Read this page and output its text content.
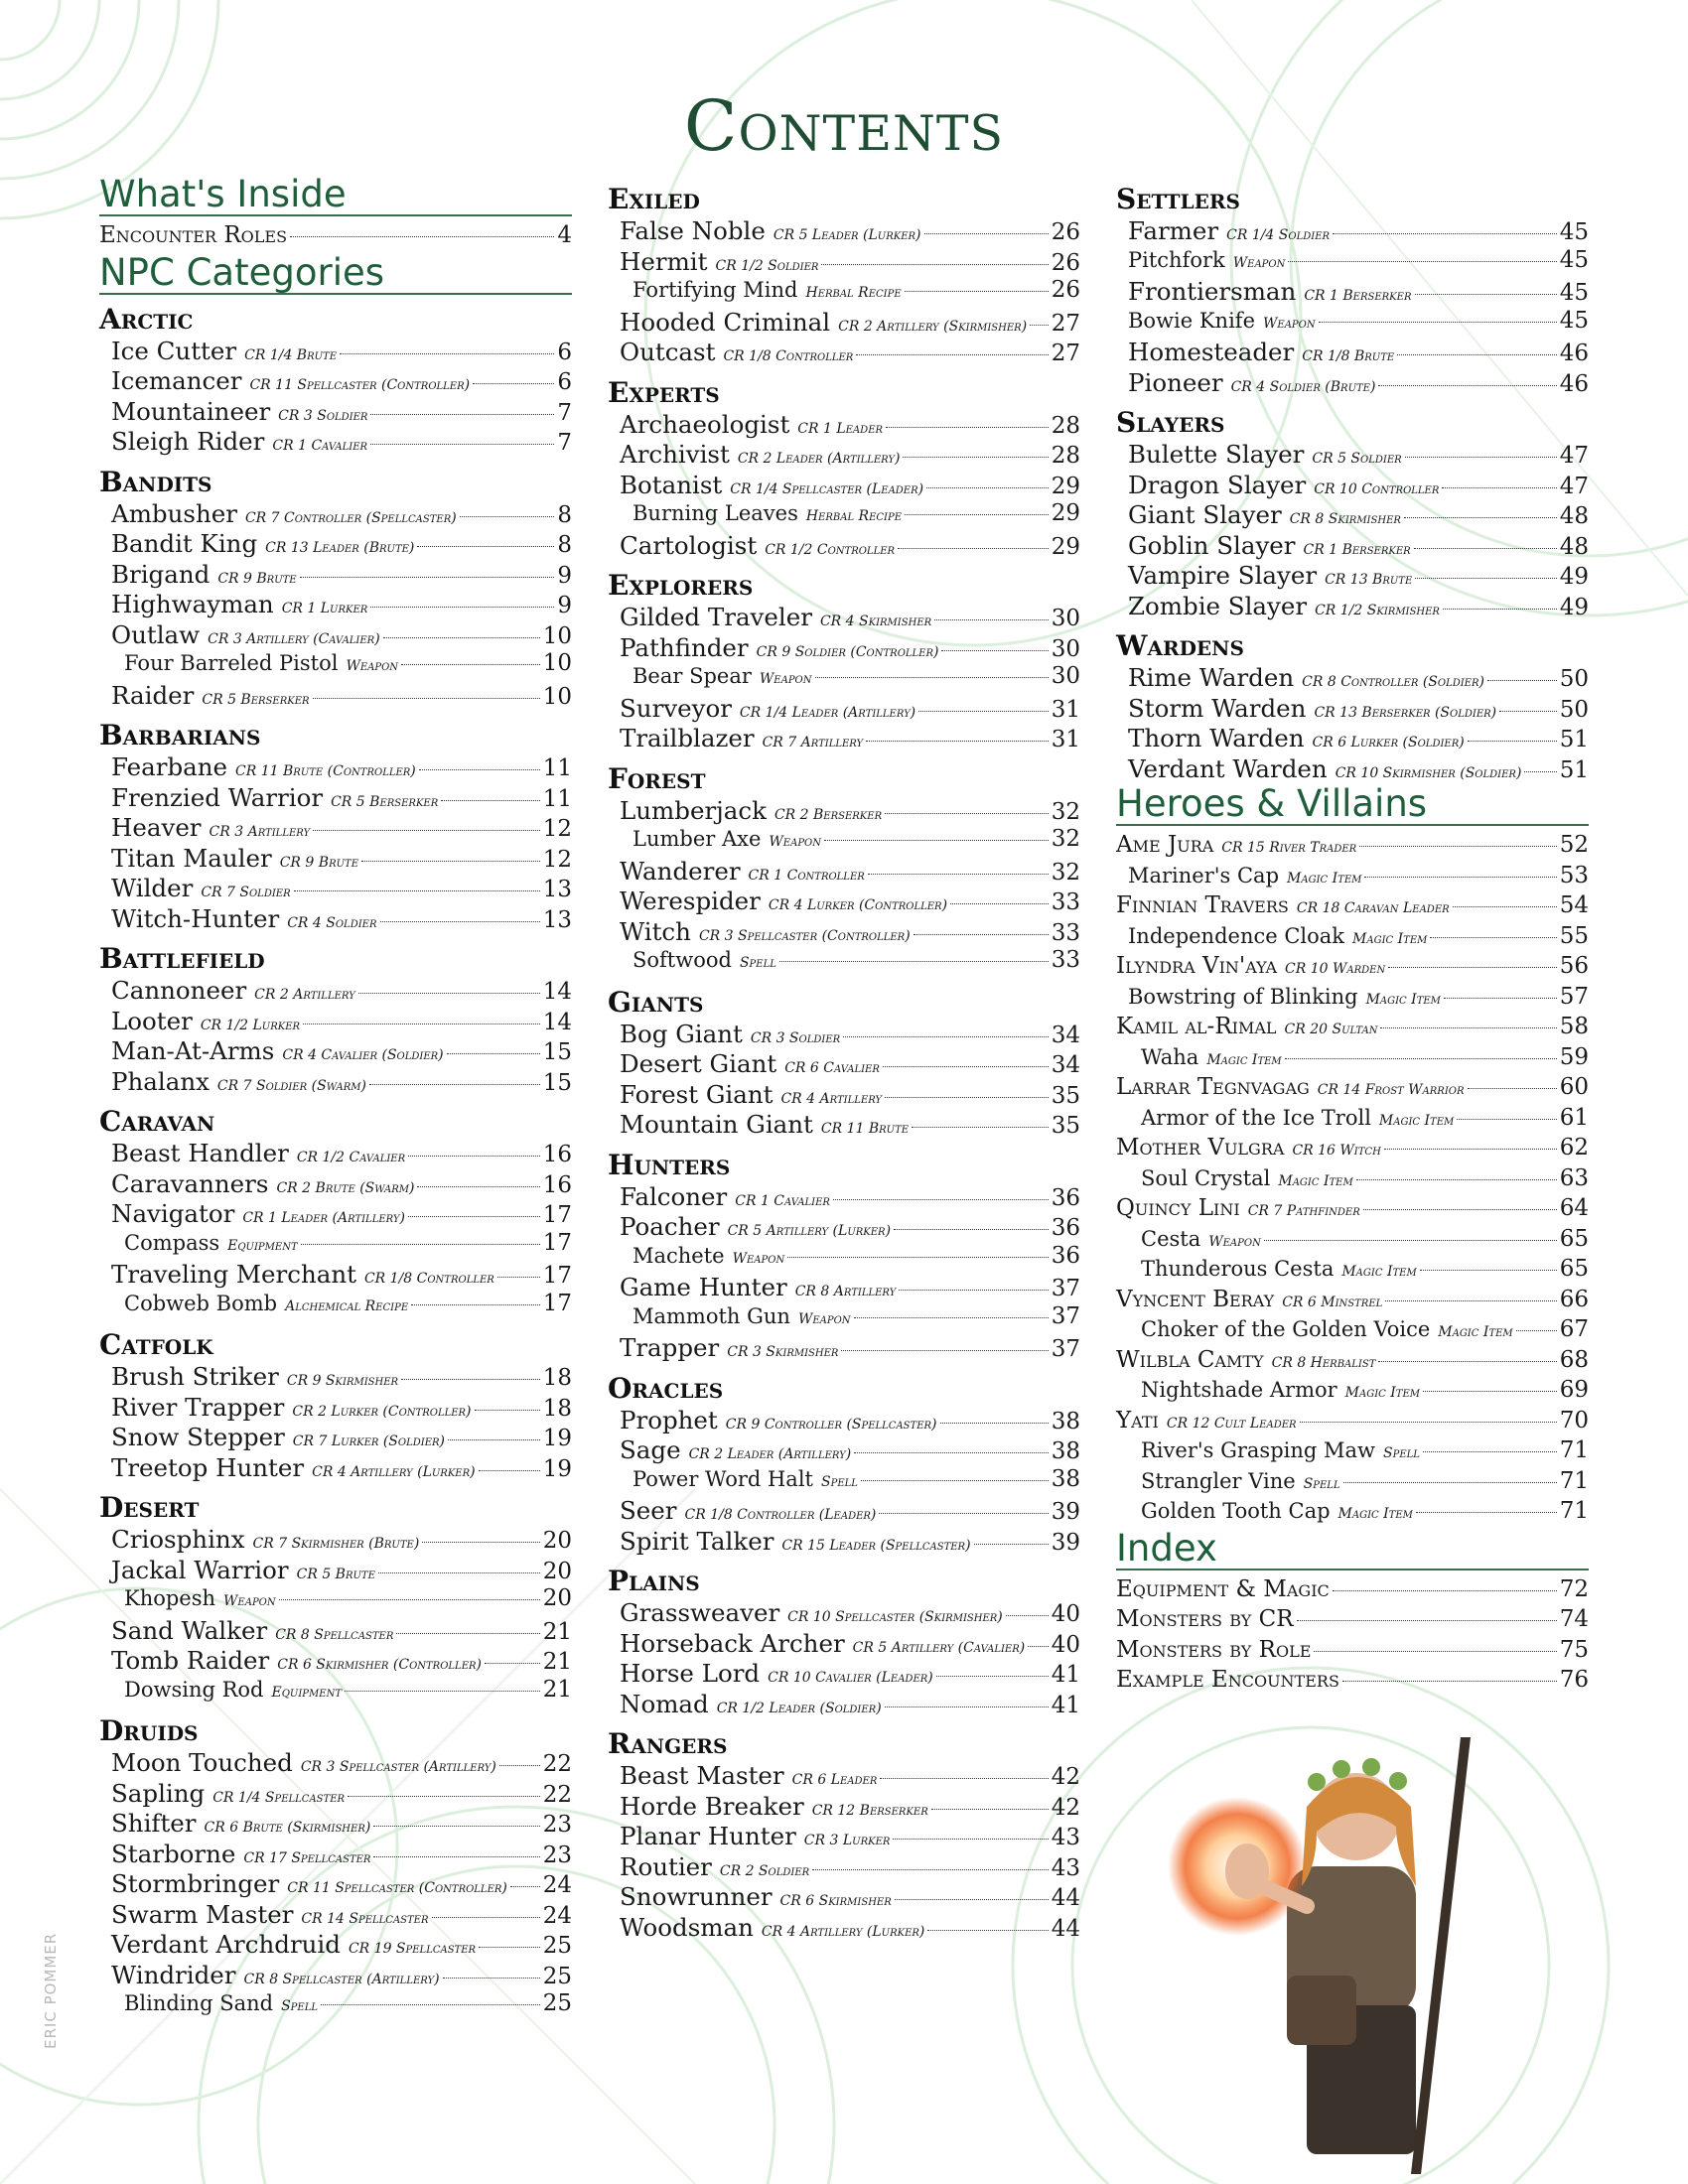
Contents
What's Inside
Encounter Roles	4
NPC Categories
Arctic
Ice Cutter CR 1/4 Brute	6
Icemancer CR 11 Spellcaster (Controller)	6
Mountaineer CR 3 Soldier	7
Sleigh Rider CR 1 Cavalier	7
Bandits
Ambusher CR 7 Controller (Spellcaster)	8
Bandit King CR 13 Leader (Brute)	8
Brigand CR 9 Brute	9
Highwayman CR 1 Lurker	9
Outlaw CR 3 Artillery (Cavalier)	10
Four Barreled Pistol Weapon	10
Raider CR 5 Berserker	10
Barbarians
Fearbane CR 11 Brute (Controller)	11
Frenzied Warrior CR 5 Berserker	11
Heaver CR 3 Artillery	12
Titan Mauler CR 9 Brute	12
Wilder CR 7 Soldier	13
Witch-Hunter CR 4 Soldier	13
Battlefield
Cannoneer CR 2 Artillery	14
Looter CR 1/2 Lurker	14
Man-At-Arms CR 4 Cavalier (Soldier)	15
Phalanx CR 7 Soldier (Swarm)	15
Caravan
Beast Handler CR 1/2 Cavalier	16
Caravanners CR 2 Brute (Swarm)	16
Navigator CR 1 Leader (Artillery)	17
Compass Equipment	17
Traveling Merchant CR 1/8 Controller 17
Cobweb Bomb Alchemical Recipe	17
Catfolk
Brush Striker CR 9 Skirmisher	18
River Trapper CR 2 Lurker (Controller)	18
Snow Stepper CR 7 Lurker (Soldier)	19
Treetop Hunter CR 4 Artillery (Lurker)	19
Desert
Criosphinx CR 7 Skirmisher (Brute)	20
Jackal Warrior CR 5 Brute	20
Khopesh Weapon	20
Sand Walker CR 8 Spellcaster	21
Tomb Raider CR 6 Skirmisher (Controller)	21
Dowsing Rod Equipment	21
Druids
Moon Touched CR 3 Spellcaster (Artillery) 22
Sapling CR 1/4 Spellcaster	22
Shifter CR 6 Brute (Skirmisher)	23
Starborne CR 17 Spellcaster	23
Stormbringer CR 11 Spellcaster (Controller) 24
Swarm Master CR 14 Spellcaster	24
Verdant Archdruid CR 19 Spellcaster	25
Windrider CR 8 Spellcaster (Artillery)	25
Blinding Sand Spell	25
Exiled
False Noble CR 5 Leader (Lurker)	26
Hermit CR 1/2 Soldier	26
Fortifying Mind Herbal Recipe	26
Hooded Criminal CR 2 Artillery (Skirmisher) 27
Outcast CR 1/8 Controller	27
Experts
Archaeologist CR 1 Leader	28
Archivist CR 2 Leader (Artillery)	28
Botanist CR 1/4 Spellcaster (Leader)	29
Burning Leaves Herbal Recipe	29
Cartologist CR 1/2 Controller	29
Explorers
Gilded Traveler CR 4 Skirmisher	30
Pathfinder CR 9 Soldier (Controller)	30
Bear Spear Weapon	30
Surveyor CR 1/4 Leader (Artillery)	31
Trailblazer CR 7 Artillery	31
Forest
Lumberjack CR 2 Berserker	32
Lumber Axe Weapon	32
Wanderer CR 1 Controller	32
Werespider CR 4 Lurker (Controller)	33
Witch CR 3 Spellcaster (Controller)	33
Softwood Spell	33
Giants
Bog Giant CR 3 Soldier	34
Desert Giant CR 6 Cavalier	34
Forest Giant CR 4 Artillery	35
Mountain Giant CR 11 Brute	35
Hunters
Falconer CR 1 Cavalier	36
Poacher CR 5 Artillery (Lurker)	36
Machete Weapon	36
Game Hunter CR 8 Artillery	37
Mammoth Gun Weapon	37
Trapper CR 3 Skirmisher	37
Oracles
Prophet CR 9 Controller (Spellcaster)	38
Sage CR 2 Leader (Artillery)	38
Power Word Halt Spell	38
Seer CR 1/8 Controller (Leader)	39
Spirit Talker CR 15 Leader (Spellcaster)	39
Plains
Grassweaver CR 10 Spellcaster (Skirmisher) 40
Horseback Archer CR 5 Artillery (Cavalier) 40
Horse Lord CR 10 Cavalier (Leader)	41
Nomad CR 1/2 Leader (Soldier)	41
Rangers
Beast Master CR 6 Leader	42
Horde Breaker CR 12 Berserker	42
Planar Hunter CR 3 Lurker	43
Routier CR 2 Soldier	43
Snowrunner CR 6 Skirmisher	44
Woodsman CR 4 Artillery (Lurker)	44
Settlers
Farmer CR 1/4 Soldier	45
Pitchfork Weapon	45
Frontiersman CR 1 Berserker	45
Bowie Knife Weapon	45
Homesteader CR 1/8 Brute	46
Pioneer CR 4 Soldier (Brute)	46
Slayers
Bulette Slayer CR 5 Soldier	47
Dragon Slayer CR 10 Controller	47
Giant Slayer CR 8 Skirmisher	48
Goblin Slayer CR 1 Berserker	48
Vampire Slayer CR 13 Brute	49
Zombie Slayer CR 1/2 Skirmisher	49
Wardens
Rime Warden CR 8 Controller (Soldier)	50
Storm Warden CR 13 Berserker (Soldier)	50
Thorn Warden CR 6 Lurker (Soldier)	51
Verdant Warden CR 10 Skirmisher (Soldier) 51
Heroes & Villains
Ame Jura CR 15 River Trader	52
Mariner's Cap Magic Item	53
Finnian Travers CR 18 Caravan Leader	54
Independence Cloak Magic Item	55
Ilyndra Vin'aya CR 10 Warden	56
Bowstring of Blinking Magic Item	57
Kamil al-Rimal CR 20 Sultan	58
Waha Magic Item	59
Larrar Tegnvagag CR 14 Frost Warrior	60
Armor of the Ice Troll Magic Item	61
Mother Vulgra CR 16 Witch	62
Soul Crystal Magic Item	63
Quincy Lini CR 7 Pathfinder	64
Cesta Weapon	65
Thunderous Cesta Magic Item	65
Vyncent Beray CR 6 Minstrel	66
Choker of the Golden Voice Magic Item 67
Wilbla Camty CR 8 Herbalist	68
Nightshade Armor Magic Item	69
Yati CR 12 Cult Leader	70
River's Grasping Maw Spell	71
Strangler Vine Spell	71
Golden Tooth Cap Magic Item	71
Index
Equipment & Magic	72
Monsters by CR	74
Monsters by Role	75
Example Encounters	76
ERIC POMMER
